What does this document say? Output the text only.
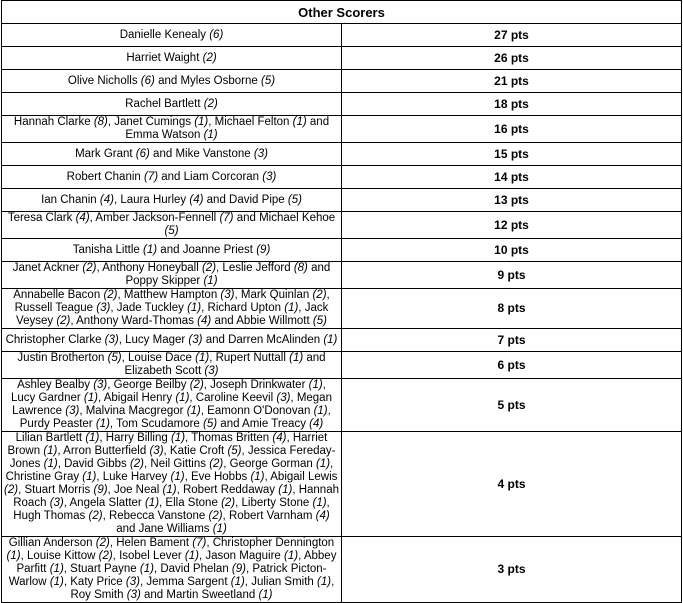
Other Scorers	
Danielle Kenealy (6)	27 pts
Harriet Waight (2)	26 pts
Olive Nicholls (6) and Myles Osborne (5)	21 pts
Rachel Bartlett (2)	18 pts
Hannah Clarke (8), Janet Cumings (1), Michael Felton (1) and Emma Watson (1)	16 pts
Mark Grant (6) and Mike Vanstone (3)	15 pts
Robert Chanin (7) and Liam Corcoran (3)	14 pts
Ian Chanin (4), Laura Hurley (4) and David Pipe (5)	13 pts
Teresa Clark (4), Amber Jackson-Fennell (7) and Michael Kehoe (5)	12 pts
Tanisha Little (1) and Joanne Priest (9)	10 pts
Janet Ackner (2), Anthony Honeyball (2), Leslie Jefford (8) and Poppy Skipper (1)	9 pts
Annabelle Bacon (2), Matthew Hampton (3), Mark Quinlan (2), Russell Teague (3), Jade Tuckley (1), Richard Upton (1), Jack Veysey (2), Anthony Ward-Thomas (4) and Abbie Willmott (5)	8 pts
Christopher Clarke (3), Lucy Mager (3) and Darren McAlinden (1)	7 pts
Justin Brotherton (5), Louise Dace (1), Rupert Nuttall (1) and Elizabeth Scott (3)	6 pts
Ashley Bealby (3), George Beilby (2), Joseph Drinkwater (1), Lucy Gardner (1), Abigail Henry (1), Caroline Keevil (3), Megan Lawrence (3), Malvina Macgregor (1), Eamonn O'Donovan (1), Purdy Peaster (1), Tom Scudamore (5) and Amie Treacy (4)	5 pts
Lilian Bartlett (1), Harry Billing (1), Thomas Britten (4), Harriet Brown (1), Arron Butterfield (3), Katie Croft (5), Jessica Fereday-Jones (1), David Gibbs (2), Neil Gittins (2), George Gorman (1), Christine Gray (1), Luke Harvey (1), Eve Hobbs (1), Abigail Lewis (2), Stuart Morris (9), Joe Neal (1), Robert Reddaway (1), Hannah Roach (3), Angela Slatter (1), Ella Stone (2), Liberty Stone (1), Hugh Thomas (2), Rebecca Vanstone (2), Robert Varnham (4) and Jane Williams (1)	4 pts
Gillian Anderson (2), Helen Bament (7), Christopher Dennington (1), Louise Kittow (2), Isobel Lever (1), Jason Maguire (1), Abbey Parfitt (1), Stuart Payne (1), David Phelan (9), Patrick Picton-Warlow (1), Katy Price (3), Jemma Sargent (1), Julian Smith (1), Roy Smith (3) and Martin Sweetland (1)	3 pts
